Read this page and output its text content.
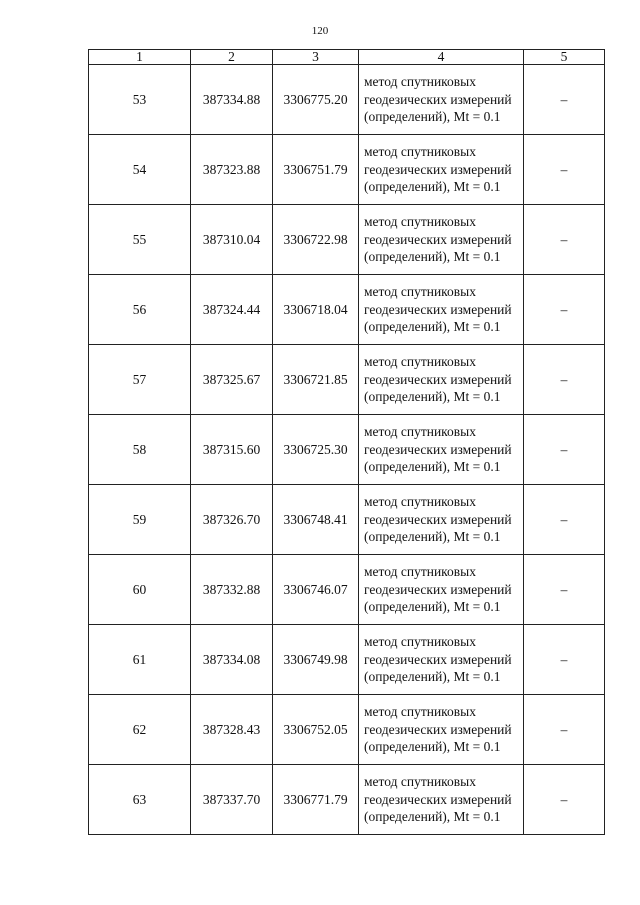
120
1	2	3	4	5
53	387334.88	3306775.20	метод спутниковых геодезических измерений (определений), Mt = 0.1	–
54	387323.88	3306751.79	метод спутниковых геодезических измерений (определений), Mt = 0.1	–
55	387310.04	3306722.98	метод спутниковых геодезических измерений (определений), Mt = 0.1	–
56	387324.44	3306718.04	метод спутниковых геодезических измерений (определений), Mt = 0.1	–
57	387325.67	3306721.85	метод спутниковых геодезических измерений (определений), Mt = 0.1	–
58	387315.60	3306725.30	метод спутниковых геодезических измерений (определений), Mt = 0.1	–
59	387326.70	3306748.41	метод спутниковых геодезических измерений (определений), Mt = 0.1	–
60	387332.88	3306746.07	метод спутниковых геодезических измерений (определений), Mt = 0.1	–
61	387334.08	3306749.98	метод спутниковых геодезических измерений (определений), Mt = 0.1	–
62	387328.43	3306752.05	метод спутниковых геодезических измерений (определений), Mt = 0.1	–
63	387337.70	3306771.79	метод спутниковых геодезических измерений (определений), Mt = 0.1	–
